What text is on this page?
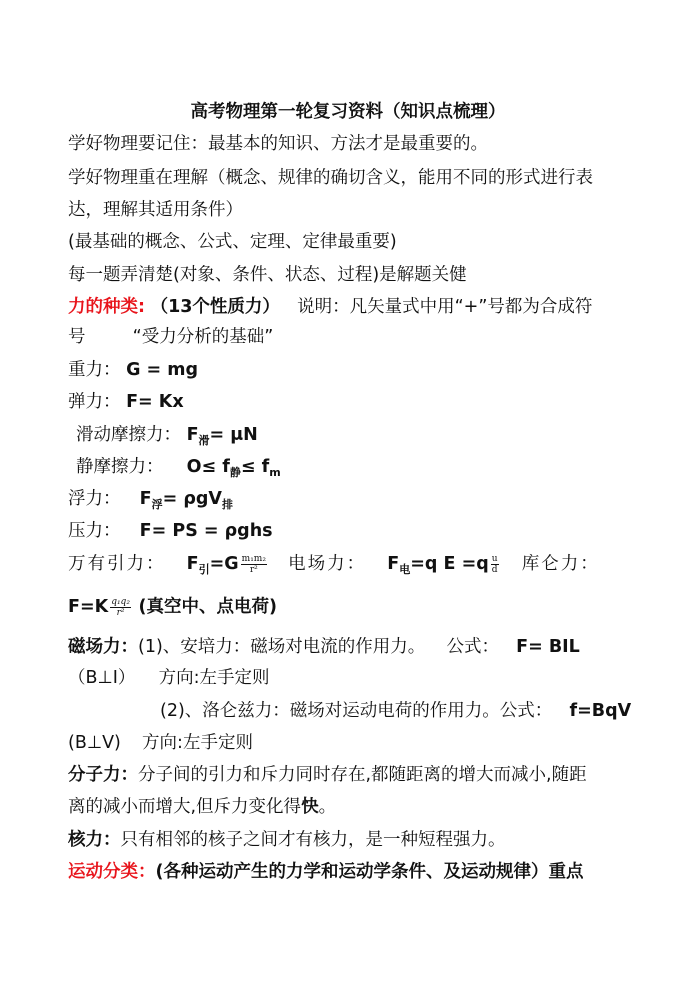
高考物理第一轮复习资料（知识点梳理）
学好物理要记住：最基本的知识、方法才是最重要的。
学好物理重在理解（概念、规律的确切含义，能用不同的形式进行表
达，理解其适用条件）
(最基础的概念、公式、定理、定律最重要)
每一题弄清楚(对象、条件、状态、过程)是解题关健
力的种类: （13个性质力） 说明：凡矢量式中用“+”号都为合成符
号	“受力分析的基础”
重力： G = mg
弹力： F= Kx
滑动摩擦力： $F_滑= \mu N$
静摩擦力： $O\le f_静\le f_m$
浮力： $F_浮= \rho gV_排$
压力： F= PS = ρghs
万有引力： $F_引=G \frac{\text{m₁m₂}}{\text{r²}}$ 电场力： $F_电=q$ $E =q \frac{u}{d}$ 库仑力：
$F=K \frac{\text{q₁q₂}}{\text{r²}}$ (真空中、点电荷)
磁场力：(1)、安培力：磁场对电流的作用力。 公式： F= BIL
（B⊥I） 方向:左手定则
(2)、洛仑兹力：磁场对运动电荷的作用力。公式： f=BqV
(B⊥V) 方向:左手定则
分子力：分子间的引力和斥力同时存在,都随距离的增大而减小,随距
离的减小而增大,但斥力变化得快。
核力：只有相邻的核子之间才有核力，是一种短程强力。
运动分类：(各种运动产生的力学和运动学条件、及运动规律）重点
